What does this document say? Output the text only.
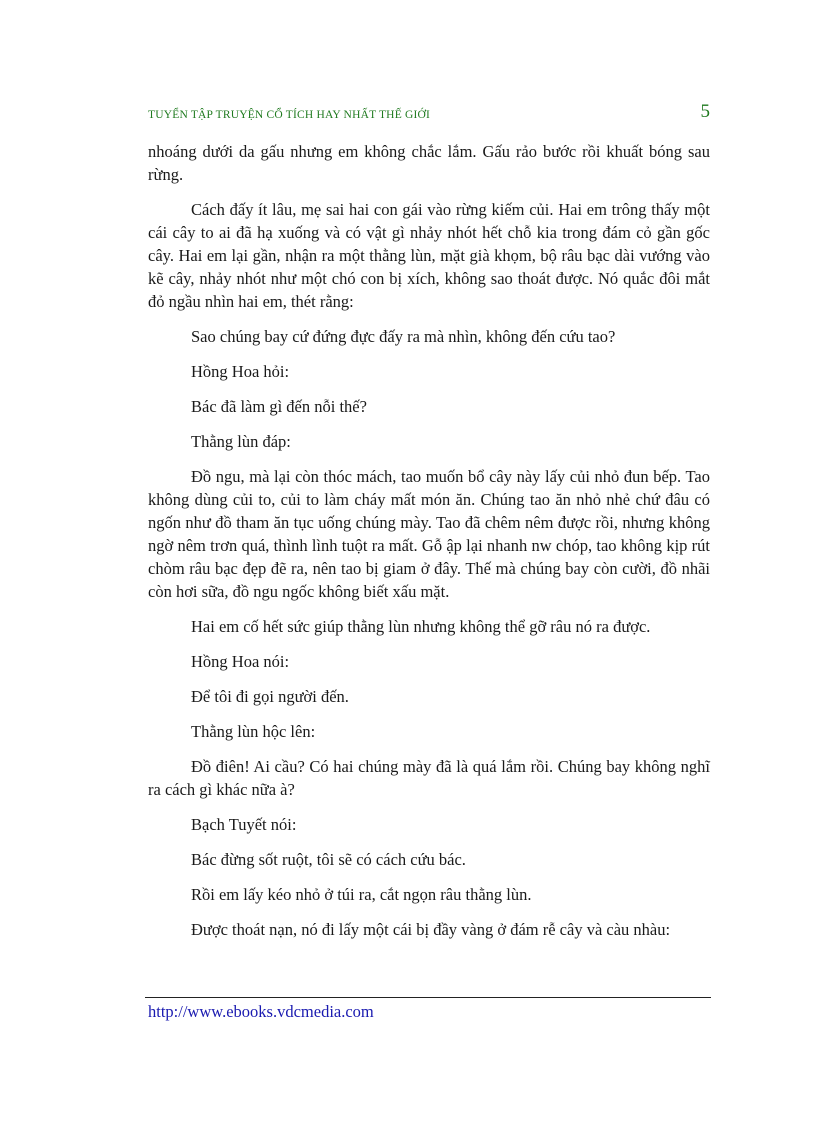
TUYỂN TẬP TRUYỆN CỔ TÍCH HAY NHẤT THẾ GIỚI	5

nhoáng dưới da gấu nhưng em không chắc lắm. Gấu rảo bước rồi khuất bóng sau rừng.

Cách đấy ít lâu, mẹ sai hai con gái vào rừng kiếm củi. Hai em trông thấy một cái cây to ai đã hạ xuống và có vật gì nhảy nhót hết chỗ kia trong đám cỏ gần gốc cây. Hai em lại gần, nhận ra một thằng lùn, mặt già khọm, bộ râu bạc dài vướng vào kẽ cây, nhảy nhót như một chó con bị xích, không sao thoát được. Nó quắc đôi mắt đỏ ngầu nhìn hai em, thét rằng:

Sao chúng bay cứ đứng đực đấy ra mà nhìn, không đến cứu tao?

Hồng Hoa hỏi:

Bác đã làm gì đến nỗi thế?

Thằng lùn đáp:

Đồ ngu, mà lại còn thóc mách, tao muốn bổ cây này lấy củi nhỏ đun bếp. Tao không dùng củi to, củi to làm cháy mất món ăn. Chúng tao ăn nhỏ nhẻ chứ đâu có ngốn như đồ tham ăn tục uống chúng mày. Tao đã chêm nêm được rồi, nhưng không ngờ nêm trơn quá, thình lình tuột ra mất. Gỗ ập lại nhanh nw chóp, tao không kịp rút chòm râu bạc đẹp đẽ ra, nên tao bị giam ở đây. Thế mà chúng bay còn cười, đồ nhãi còn hơi sữa, đồ ngu ngốc không biết xấu mặt.

Hai em cố hết sức giúp thằng lùn nhưng không thể gỡ râu nó ra được.

Hồng Hoa nói:

Để tôi đi gọi người đến.

Thằng lùn hộc lên:

Đồ điên! Ai cầu? Có hai chúng mày đã là quá lắm rồi. Chúng bay không nghĩ ra cách gì khác nữa à?

Bạch Tuyết nói:

Bác đừng sốt ruột, tôi sẽ có cách cứu bác.

Rồi em lấy kéo nhỏ ở túi ra, cắt ngọn râu thằng lùn.

Được thoát nạn, nó đi lấy một cái bị đầy vàng ở đám rễ cây và càu nhàu:

http://www.ebooks.vdcmedia.com
